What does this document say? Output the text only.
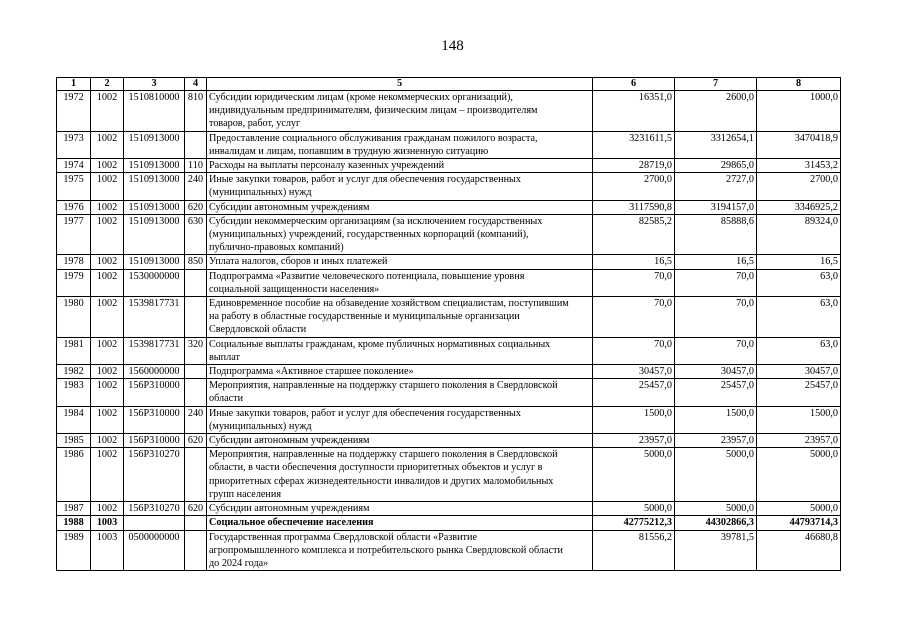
148
1	2	3	4	5	6	7	8
1972	1002	1510810000	810	Субсидии юридическим лицам (кроме некоммерческих организаций),
индивидуальным предпринимателям, физическим лицам – производителям
товаров, работ, услуг	16351,0	2600,0	1000,0
1973	1002	1510913000		Предоставление социального обслуживания гражданам пожилого возраста,
инвалидам и лицам, попавшим в трудную жизненную ситуацию	3231611,5	3312654,1	3470418,9
1974	1002	1510913000	110	Расходы на выплаты персоналу казенных учреждений	28719,0	29865,0	31453,2
1975	1002	1510913000	240	Иные закупки товаров, работ и услуг для обеспечения государственных
(муниципальных) нужд	2700,0	2727,0	2700,0
1976	1002	1510913000	620	Субсидии автономным учреждениям	3117590,8	3194157,0	3346925,2
1977	1002	1510913000	630	Субсидии некоммерческим организациям (за исключением государственных
(муниципальных) учреждений, государственных корпораций (компаний),
публично-правовых компаний)	82585,2	85888,6	89324,0
1978	1002	1510913000	850	Уплата налогов, сборов и иных платежей	16,5	16,5	16,5
1979	1002	1530000000		Подпрограмма «Развитие человеческого потенциала, повышение уровня
социальной защищенности населения»	70,0	70,0	63,0
1980	1002	1539817731		Единовременное пособие на обзаведение хозяйством специалистам, поступившим
на работу в областные государственные и муниципальные организации
Свердловской области	70,0	70,0	63,0
1981	1002	1539817731	320	Социальные выплаты гражданам, кроме публичных нормативных социальных
выплат	70,0	70,0	63,0
1982	1002	1560000000		Подпрограмма «Активное старшее поколение»	30457,0	30457,0	30457,0
1983	1002	156P310000		Мероприятия, направленные на поддержку старшего поколения в Свердловской
области	25457,0	25457,0	25457,0
1984	1002	156P310000	240	Иные закупки товаров, работ и услуг для обеспечения государственных
(муниципальных) нужд	1500,0	1500,0	1500,0
1985	1002	156P310000	620	Субсидии автономным учреждениям	23957,0	23957,0	23957,0
1986	1002	156P310270		Мероприятия, направленные на поддержку старшего поколения в Свердловской
области, в части обеспечения доступности приоритетных объектов и услуг в
приоритетных сферах жизнедеятельности инвалидов и других маломобильных
групп населения	5000,0	5000,0	5000,0
1987	1002	156P310270	620	Субсидии автономным учреждениям	5000,0	5000,0	5000,0
1988	1003			Социальное обеспечение населения	42775212,3	44302866,3	44793714,3
1989	1003	0500000000		Государственная программа Свердловской области «Развитие
агропромышленного комплекса и потребительского рынка Свердловской области
до 2024 года»	81556,2	39781,5	46680,8
